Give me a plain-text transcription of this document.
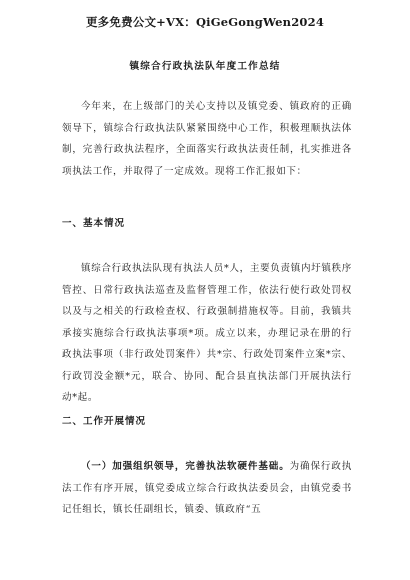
更多免费公文+VX：QiGeGongWen2024
镇综合行政执法队年度工作总结

今年来，在上级部门的关心支持以及镇党委、镇政府的正确领导下，镇综合行政执法队紧紧围绕中心工作，积极理顺执法体制，完善行政执法程序，全面落实行政执法责任制，扎实推进各项执法工作，并取得了一定成效。现将工作汇报如下：

一、基本情况

镇综合行政执法队现有执法人员*人，主要负责镇内圩镇秩序管控、日常行政执法巡查及监督管理工作，依法行使行政处罚权以及与之相关的行政检查权、行政强制措施权等。目前，我镇共承接实施综合行政执法事项*项。成立以来，办理记录在册的行政执法事项（非行政处罚案件）共*宗、行政处罚案件立案*宗、行政罚没金额*元，联合、协同、配合县直执法部门开展执法行动*起。

二、工作开展情况

（一）加强组织领导，完善执法软硬件基础。为确保行政执法工作有序开展，镇党委成立综合行政执法委员会，由镇党委书记任组长，镇长任副组长，镇委、镇政府“五
